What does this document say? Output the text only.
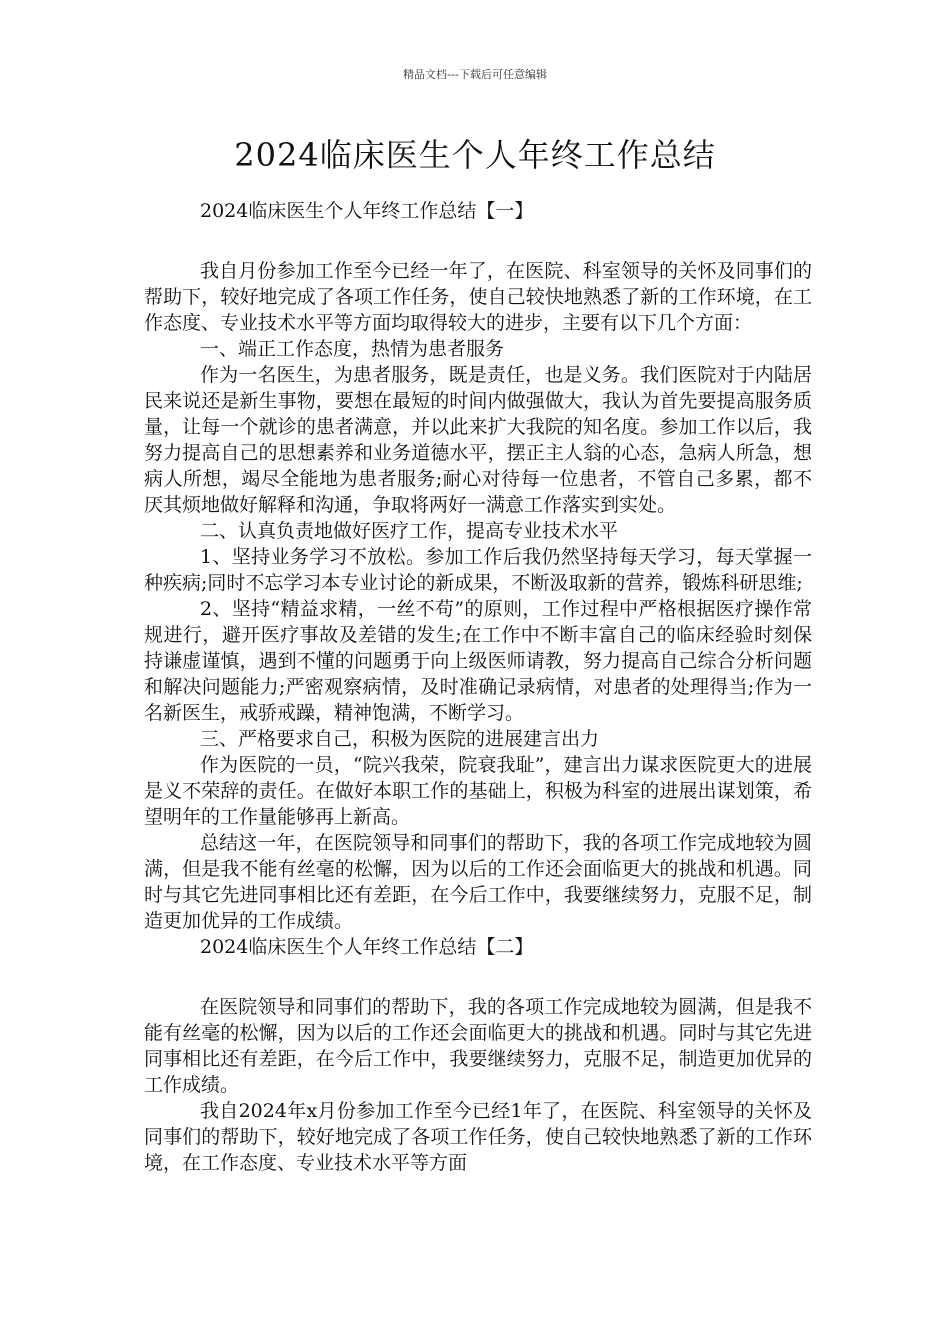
精品文档---下载后可任意编辑
2024临床医生个人年终工作总结

2024临床医生个人年终工作总结【一】

我自月份参加工作至今已经一年了，在医院、科室领导的关怀及同事们的帮助下，较好地完成了各项工作任务，使自己较快地熟悉了新的工作环境，在工作态度、专业技术水平等方面均取得较大的进步，主要有以下几个方面：

一、端正工作态度，热情为患者服务

作为一名医生，为患者服务，既是责任，也是义务。我们医院对于内陆居民来说还是新生事物，要想在最短的时间内做强做大，我认为首先要提高服务质量，让每一个就诊的患者满意，并以此来扩大我院的知名度。参加工作以后，我努力提高自己的思想素养和业务道德水平，摆正主人翁的心态，急病人所急，想病人所想，竭尽全能地为患者服务;耐心对待每一位患者，不管自己多累，都不厌其烦地做好解释和沟通，争取将两好一满意工作落实到实处。

二、认真负责地做好医疗工作，提高专业技术水平

1、坚持业务学习不放松。参加工作后我仍然坚持每天学习，每天掌握一种疾病;同时不忘学习本专业讨论的新成果，不断汲取新的营养，锻炼科研思维;

2、坚持“精益求精，一丝不苟”的原则，工作过程中严格根据医疗操作常规进行，避开医疗事故及差错的发生;在工作中不断丰富自己的临床经验时刻保持谦虚谨慎，遇到不懂的问题勇于向上级医师请教，努力提高自己综合分析问题和解决问题能力;严密观察病情，及时准确记录病情，对患者的处理得当;作为一名新医生，戒骄戒躁，精神饱满，不断学习。

三、严格要求自己，积极为医院的进展建言出力

作为医院的一员，“院兴我荣，院衰我耻”，建言出力谋求医院更大的进展是义不荣辞的责任。在做好本职工作的基础上，积极为科室的进展出谋划策，希望明年的工作量能够再上新高。

总结这一年，在医院领导和同事们的帮助下，我的各项工作完成地较为圆满，但是我不能有丝毫的松懈，因为以后的工作还会面临更大的挑战和机遇。同时与其它先进同事相比还有差距，在今后工作中，我要继续努力，克服不足，制造更加优异的工作成绩。

2024临床医生个人年终工作总结【二】

在医院领导和同事们的帮助下，我的各项工作完成地较为圆满，但是我不能有丝毫的松懈，因为以后的工作还会面临更大的挑战和机遇。同时与其它先进同事相比还有差距，在今后工作中，我要继续努力，克服不足，制造更加优异的工作成绩。

我自2024年x月份参加工作至今已经1年了，在医院、科室领导的关怀及同事们的帮助下，较好地完成了各项工作任务，使自己较快地熟悉了新的工作环境，在工作态度、专业技术水平等方面
